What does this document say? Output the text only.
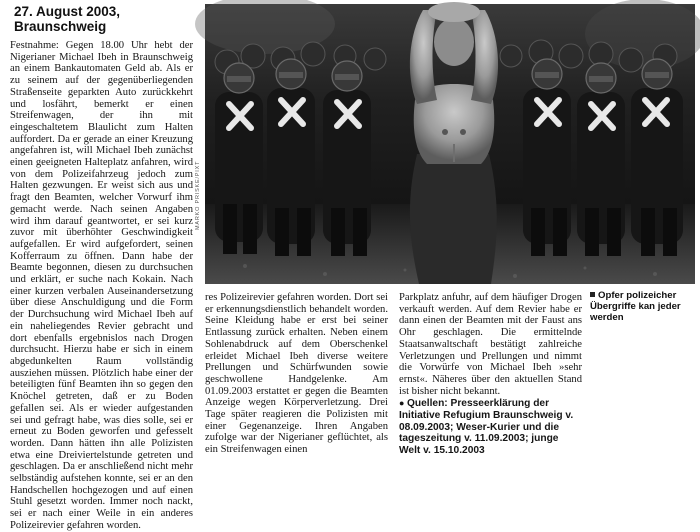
27. August 2003,
Braunschweig

Festnahme: Gegen 18.00 Uhr hebt der Nigerianer Michael Ibeh in Braunschweig an einem Bankautomaten Geld ab. Als er zu seinem auf der gegenüberliegenden Straßenseite geparkten Auto zurückkehrt und losfährt, bemerkt er einen Streifenwagen, der ihn mit eingeschaltetem Blaulicht zum Halten auffordert. Da er gerade an einer Kreuzung angefahren ist, will Michael Ibeh zunächst einen geeigneten Halteplatz anfahren, wird von dem Polizeifahrzeug jedoch zum Halten gezwungen. Er weist sich aus und fragt den Beamten, welcher Vorwurf ihm gemacht werde. Nach seinen Angaben wird ihm darauf geantwortet, er sei kurz zuvor mit überhöhter Geschwindigkeit aufgefallen. Er wird aufgefordert, seinen Kofferraum zu öffnen. Dann habe der Beamte begonnen, diesen zu durchsuchen und erklärt, er suche nach Kokain. Nach einer kurzen verbalen Auseinandersetzung über diese Anschuldigung und die Form der Durchsuchung wird Michael Ibeh auf ein naheliegendes Revier gebracht und dort ebenfalls ergebnislos nach Drogen durchsucht. Hierzu habe er sich in einem abgedunkelten Raum vollständig ausziehen müssen. Plötzlich habe einer der beteiligten fünf Beamten ihn so gegen den Knöchel getreten, daß er zu Boden gefallen sei. Als er wieder aufgestanden sei und gefragt habe, was dies solle, sei er erneut zu Boden geworfen und gefesselt worden. Dann hätten ihn alle Polizisten etwa eine Dreiviertelstunde getreten und geschlagen. Da er anschließend nicht mehr selbständig aufstehen konnte, sei er an den Handschellen hochgezogen und auf einen Stuhl gesetzt worden. Immer noch nackt, sei er nach einer Weile in ein anderes Polizeirevier gefahren worden.

MARKO PRISKE/PIXT
Opfer polizeicher Übergriffe kan jeder werden

res Polizeirevier gefahren worden. Dort sei er erkennungsdienstlich behandelt worden. Seine Kleidung habe er erst bei seiner Entlassung zurück erhalten. Neben einem Sohlenabdruck auf dem Oberschenkel erleidet Michael Ibeh diverse weitere Prellungen und Schürfwunden sowie geschwollene Handgelenke. Am 01.09.2003 erstattet er gegen die Beamten Anzeige wegen Körperverletzung. Drei Tage später reagieren die Polizisten mit einer Gegenanzeige. Ihren Angaben zufolge war der Nigerianer geflüchtet, als ein Streifenwagen einen

Parkplatz anfuhr, auf dem häufiger Drogen verkauft werden. Auf dem Revier habe er dann einen der Beamten mit der Faust ans Ohr geschlagen. Die ermittelnde Staatsanwaltschaft bestätigt zahlreiche Verletzungen und Prellungen und nimmt die Vorwürfe von Michael Ibeh »sehr ernst«. Näheres über den aktuellen Stand ist bisher nicht bekannt.

● Quellen: Presseerklärung der Initiative Refugium Braunschweig v. 08.09.2003; Weser-Kurier und die tageszeitung v. 11.09.2003; junge Welt v. 15.10.2003
